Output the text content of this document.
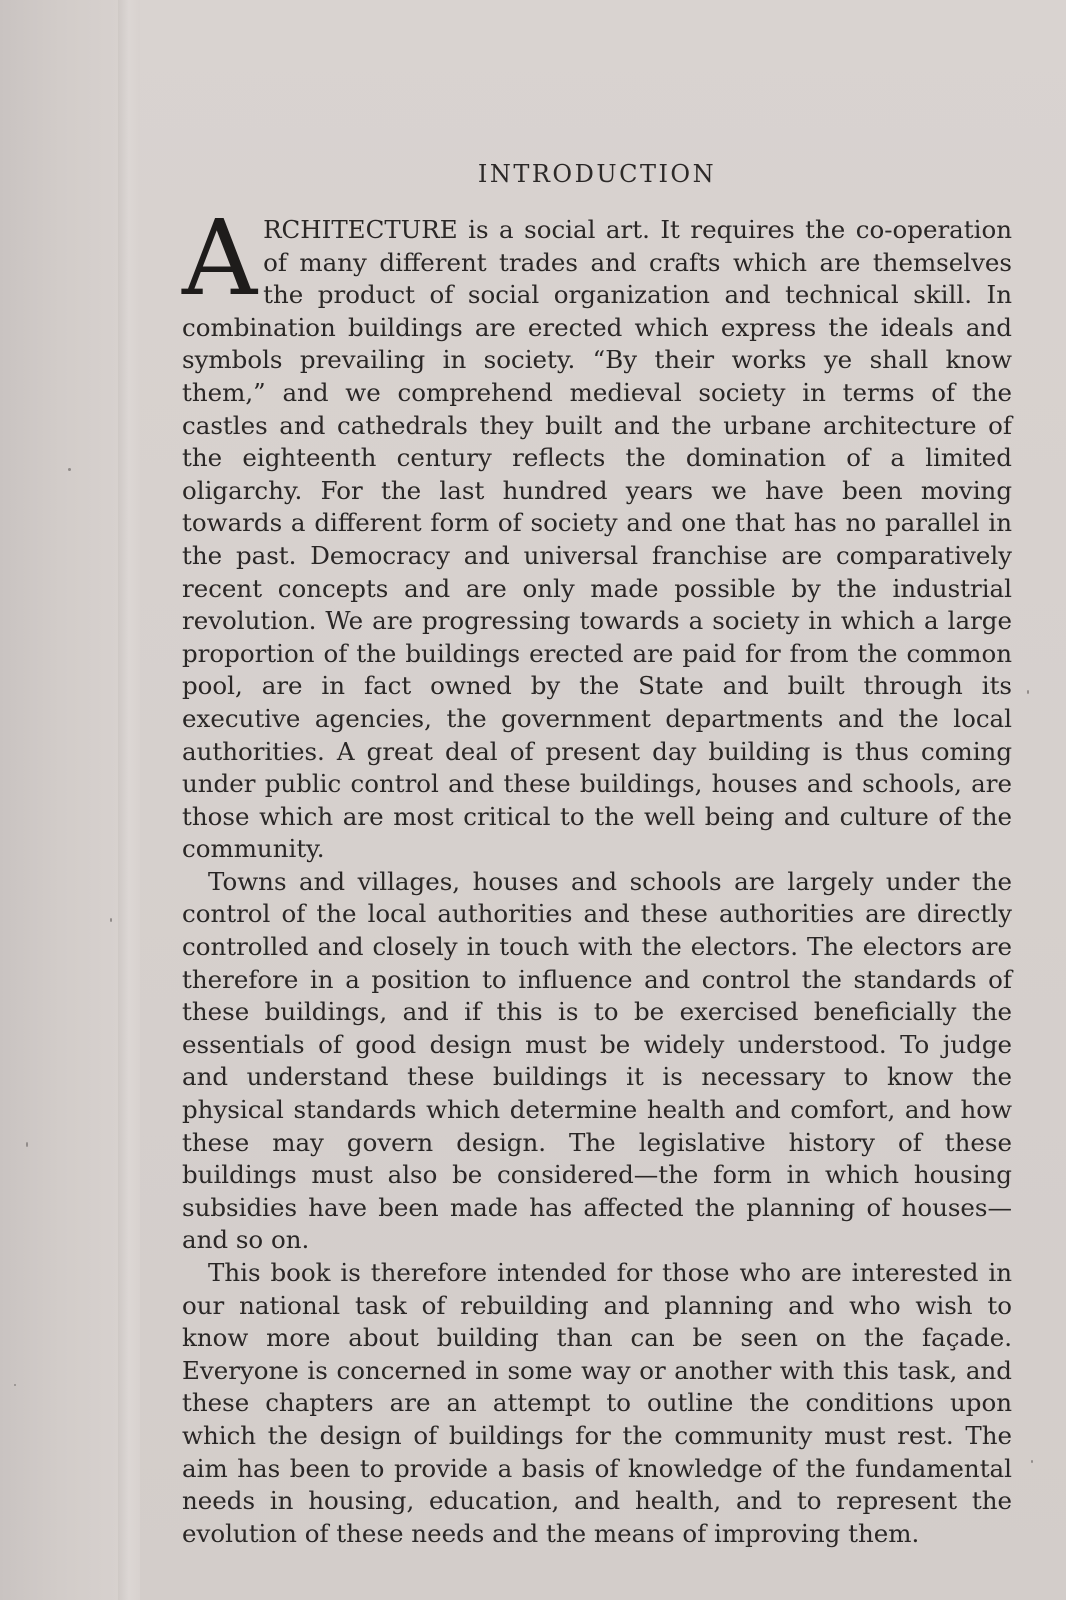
INTRODUCTION

ARCHITECTURE is a social art. It requires the co-operation of many different trades and crafts which are themselves the product of social organization and technical skill. In combination buildings are erected which express the ideals and symbols prevailing in society. “By their works ye shall know them,” and we comprehend medieval society in terms of the castles and cathedrals they built and the urbane architecture of the eighteenth century reflects the domination of a limited oligarchy. For the last hundred years we have been moving towards a different form of society and one that has no parallel in the past. Democracy and universal franchise are comparatively recent concepts and are only made possible by the industrial revolution. We are progressing towards a society in which a large proportion of the buildings erected are paid for from the common pool, are in fact owned by the State and built through its executive agencies, the government departments and the local authorities. A great deal of present day building is thus coming under public control and these buildings, houses and schools, are those which are most critical to the well being and culture of the community.

Towns and villages, houses and schools are largely under the control of the local authorities and these authorities are directly controlled and closely in touch with the electors. The electors are therefore in a position to influence and control the standards of these buildings, and if this is to be exercised beneficially the essentials of good design must be widely understood. To judge and understand these buildings it is necessary to know the physical standards which determine health and comfort, and how these may govern design. The legislative history of these buildings must also be considered—the form in which housing subsidies have been made has affected the planning of houses—and so on.

This book is therefore intended for those who are interested in our national task of rebuilding and planning and who wish to know more about building than can be seen on the façade. Everyone is concerned in some way or another with this task, and these chapters are an attempt to outline the conditions upon which the design of buildings for the community must rest. The aim has been to provide a basis of knowledge of the fundamental needs in housing, education, and health, and to represent the evolution of these needs and the means of improving them.
